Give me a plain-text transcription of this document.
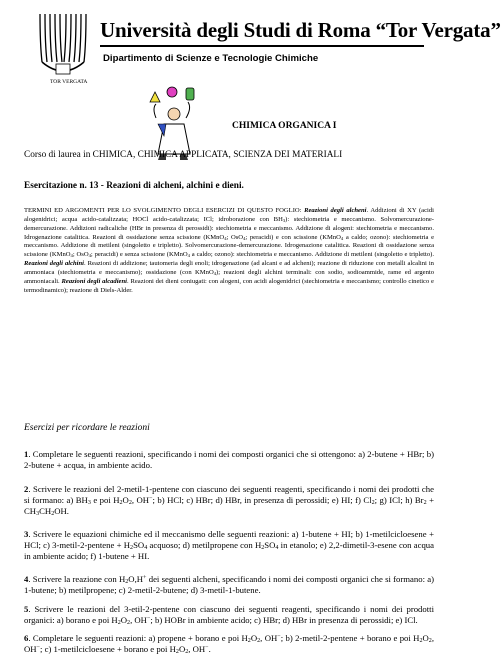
TOR VERGATA
Università degli Studi di Roma “Tor Vergata”
Dipartimento di Scienze e Tecnologie Chimiche
CHIMICA ORGANICA I
Corso di laurea in CHIMICA, CHIMICA APPLICATA, SCIENZA DEI MATERIALI
Esercitazione n. 13 - Reazioni di alcheni, alchini e dieni.
TERMINI ED ARGOMENTI PER LO SVOLGIMENTO DEGLI ESERCIZI DI QUESTO FOGLIO: Reazioni degli alcheni. Addizioni di XY (acidi alogenidrici; acqua acido-catalizzata; HOCl acido-catalizzata; ICl; idroborazione con $BH_3$): stechiometria e meccanismo. Solvomercurazione-demercurazione. Addizioni radicaliche (HBr in presenza di perossidi): stechiometria e meccanismo. Addizione di alogeni: stechiometria e meccanismo. Idrogenazione catalitica. Reazioni di ossidazione senza scissione (KMnO$_4$; OsO$_4$; peracidi) e con scissione (KMnO$_4$ a caldo; ozono): stechiometria e meccanismo. Addizione di metileni (singoletto e tripletto). Solvomercurazione-demercurazione. Idrogenazione catalitica. Reazioni di ossidazione senza scissione (KMnO$_4$; OsO$_4$; peracidi) e senza scissione (KMnO$_4$ a caldo; ozono): stechiometria e meccanismo. Addizione di metileni (singoletto e tripletto). Reazioni degli alchini. Reazioni di addizione; tautomeria degli enoli; idrogenazione (ad alcani e ad alcheni); reazione di riduzione con metalli alcalini in ammoniaca (stechiometria e meccanismo); ossidazione (con KMnO$_4$); reazioni degli alchini terminali: con sodio, sodioammide, rame ed argento ammoniacali. Reazioni degli alcadieni. Reazioni dei dieni coniugati: con alogeni, con acidi alogenidrici (stechiometria e meccanismo; controllo cinetico e termodinamico); reazione di Diels-Alder.
Esercizi per ricordare le reazioni
1. Completare le seguenti reazioni, specificando i nomi dei composti organici che si ottengono: a) 2-butene + HBr; b) 2-butene + acqua, in ambiente acido.
2. Scrivere le reazioni del 2-metil-1-pentene con ciascuno dei seguenti reagenti, specificando i nomi dei prodotti che si formano: a) $BH_3$ e poi $H_2O_2$, OH−; b) HCl; c) HBr; d) HBr, in presenza di perossidi; e) HI; f) $Cl_2$; g) ICl; h) $Br_2 + CH_3CH_2OH$.
3. Scrivere le equazioni chimiche ed il meccanismo delle seguenti reazioni: a) 1-butene + HI; b) 1-metilcicloesene + HCl; c) 3-metil-2-pentene + $H_2SO_4$ acquoso; d) metilpropene con $H_2SO_4$ in etanolo; e) 2,2-dimetil-3-esene con acqua in ambiente acido; f) 1-butene + HI.
4. Scrivere la reazione con $H_2O,H^+$ dei seguenti alcheni, specificando i nomi dei composti organici che si formano: a) 1-butene; b) metilpropene; c) 2-metil-2-butene; d) 3-metil-1-butene.
5. Scrivere le reazioni del 3-etil-2-pentene con ciascuno dei seguenti reagenti, specificando i nomi dei prodotti organici: a) borano e poi $H_2O_2$, OH−; b) HOBr in ambiente acido; c) HBr; d) HBr in presenza di perossidi; e) ICl.
6. Completare le seguenti reazioni: a) propene + borano e poi $H_2O_2$, OH−; b) 2-metil-2-pentene + borano e poi $H_2O_2$, OH−; c) 1-metilcicloesene + borano e poi $H_2O_2$, OH−.
